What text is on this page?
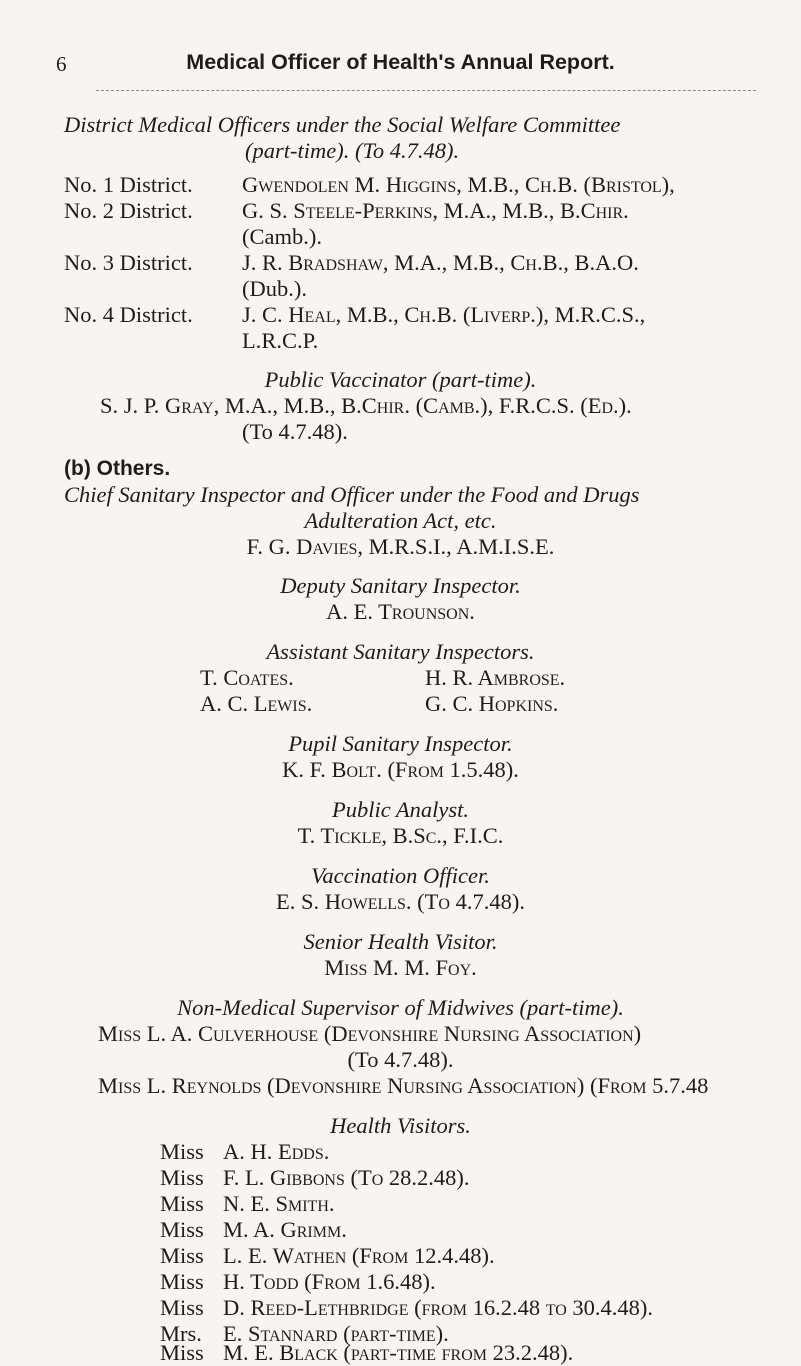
6	Medical Officer of Health's Annual Report.
District Medical Officers under the Social Welfare Committee
(part-time). (To 4.7.48).
No. 1 District. Gwendolen M. Higgins, M.B., Ch.B. (Bristol),
No. 2 District. G. S. Steele-Perkins, M.A., M.B., B.Chir.
(Camb.).
No. 3 District. J. R. Bradshaw, M.A., M.B., Ch.B., B.A.O.
(Dub.).
No. 4 District. J. C. Heal, M.B., Ch.B. (Liverp.), M.R.C.S.,
L.R.C.P.
Public Vaccinator (part-time).
S. J. P. Gray, M.A., M.B., B.Chir. (Camb.), F.R.C.S. (Ed.).
(To 4.7.48).
(b) Others.
Chief Sanitary Inspector and Officer under the Food and Drugs
Adulteration Act, etc.
F. G. Davies, M.R.S.I., A.M.I.S.E.
Deputy Sanitary Inspector.
A. E. Trounson.
Assistant Sanitary Inspectors.
T. Coates.	H. R. Ambrose.
A. C. Lewis.	G. C. Hopkins.
Pupil Sanitary Inspector.
K. F. Bolt. (From 1.5.48).
Public Analyst.
T. Tickle, B.Sc., F.I.C.
Vaccination Officer.
E. S. Howells. (To 4.7.48).
Senior Health Visitor.
Miss M. M. Foy.
Non-Medical Supervisor of Midwives (part-time).
Miss L. A. Culverhouse (Devonshire Nursing Association)
(To 4.7.48).
Miss L. Reynolds (Devonshire Nursing Association) (From 5.7.48
Health Visitors.
Miss A. H. Edds.
Miss F. L. Gibbons (To 28.2.48).
Miss N. E. Smith.
Miss M. A. Grimm.
Miss L. E. Wathen (From 12.4.48).
Miss H. Todd (From 1.6.48).
Miss D. Reed-Lethbridge (from 16.2.48 to 30.4.48).
Mrs. E. Stannard (part-time).
Miss M. E. Black (part-time from 23.2.48).
